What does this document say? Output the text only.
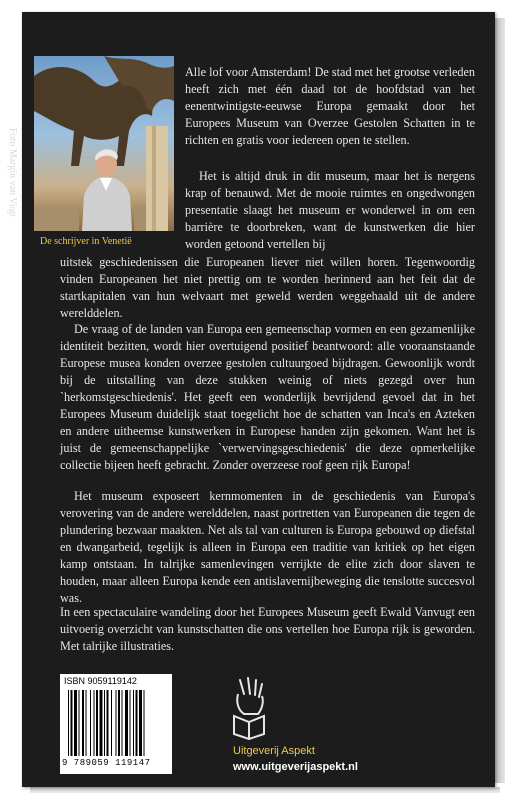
Foto Margin van Vugt
De schrijver in Venetië
Alle lof voor Amsterdam! De stad met het grootse verleden heeft zich met één daad tot de hoofdstad van het eenentwintigste-eeuwse Europa gemaakt door het Europees Museum van Overzee Gestolen Schatten in te richten en gratis voor iedereen open te stellen.
Het is altijd druk in dit museum, maar het is nergens krap of benauwd. Met de mooie ruimtes en ongedwongen presentatie slaagt het museum er wonderwel in om een barrière te doorbreken, want de kunstwerken die hier worden getoond vertellen bij
uitstek geschiedenissen die Europeanen liever niet willen horen. Tegenwoordig vinden Europeanen het niet prettig om te worden herinnerd aan het feit dat de startkapitalen van hun welvaart met geweld werden weggehaald uit de andere werelddelen.
De vraag of de landen van Europa een gemeenschap vormen en een gezamenlijke identiteit bezitten, wordt hier overtuigend positief beantwoord: alle vooraanstaande Europese musea konden overzee gestolen cultuurgoed bijdragen. Gewoonlijk wordt bij de uitstalling van deze stukken weinig of niets gezegd over hun `herkomstgeschiedenis'. Het geeft een wonderlijk bevrijdend gevoel dat in het Europees Museum duidelijk staat toegelicht hoe de schatten van Inca's en Azteken en andere uitheemse kunstwerken in Europese handen zijn gekomen. Want het is juist de gemeenschappelijke `verwervingsgeschiedenis' die deze opmerkelijke collectie bijeen heeft gebracht. Zonder overzeese roof geen rijk Europa!
Het museum exposeert kernmomenten in de geschiedenis van Europa's verovering van de andere werelddelen, naast portretten van Europeanen die tegen de plundering bezwaar maakten. Net als tal van culturen is Europa gebouwd op diefstal en dwangarbeid, tegelijk is alleen in Europa een traditie van kritiek op het eigen kamp ontstaan. In talrijke samenlevingen verrijkte de elite zich door slaven te houden, maar alleen Europa kende een antislavernijbeweging die tenslotte succesvol was.
In een spectaculaire wandeling door het Europees Museum geeft Ewald Vanvugt een uitvoerig overzicht van kunstschatten die ons vertellen hoe Europa rijk is geworden. Met talrijke illustraties.
ISBN 9059119142
9 789059 119147
Uitgeverij Aspekt
www.uitgeverijaspekt.nl
